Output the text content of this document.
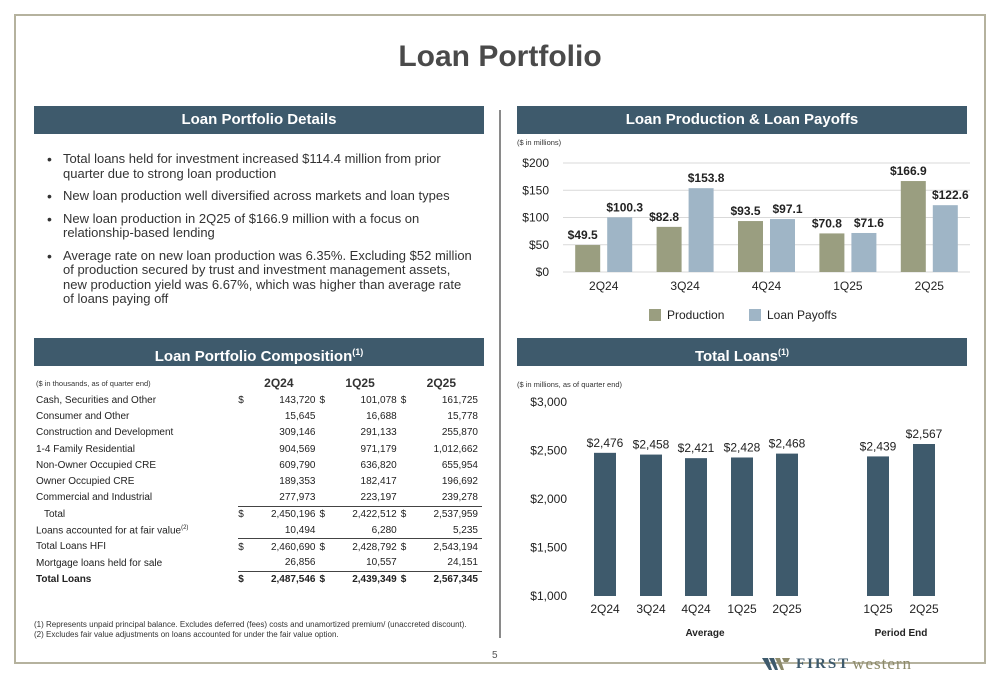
Loan Portfolio
Loan Portfolio Details	Loan Production & Loan Payoffs
Loan Portfolio Composition$^{(1)}$	Total Loans$^{(1)}$
• Total loans held for investment increased $114.4 million from prior quarter due to strong loan production
• New loan production well diversified across markets and loan types
• New loan production in 2Q25 of $166.9 million with a focus on relationship-based lending
• Average rate on new loan production was 6.35%. Excluding $52 million of production secured by trust and investment management assets, new production yield was 6.67%, which was higher than average rate of loans paying off
($ in millions)
$0
$50
$100
$150
$200
$49.5
$100.3
2Q24
$82.8
$153.8
3Q24
$93.5 $97.1
4Q24
$70.8 $71.6
1Q25
$166.9
$122.6
2Q25
Production	Loan Payoffs
($ in thousands, as of quarter end)	2Q24		1Q25		2Q25	
Cash, Securities and Other	$	143,720	$	101,078	$	161,725
Consumer and Other		15,645		16,688		15,778
Construction and Development		309,146		291,133		255,870
1-4 Family Residential		904,569		971,179		1,012,662
Non-Owner Occupied CRE		609,790		636,820		655,954
Owner Occupied CRE		189,353		182,417		196,692
Commercial and Industrial		277,973		223,197		239,278
Total	$	2,450,196	$	2,422,512	$	2,537,959
Loans accounted for at fair value$^{(2)}$		10,494		6,280		5,235
Total Loans HFI	$	2,460,690	$	2,428,792	$	2,543,194
Mortgage loans held for sale		26,856		10,557		24,151
Total Loans	$	2,487,546	$	2,439,349	$	2,567,345

(1) Represents unpaid principal balance. Excludes deferred (fees) costs and unamortized premium/ (unaccreted discount).

(2) Excludes fair value adjustments on loans accounted for under the fair value option.

($ in millions, as of quarter end)
$1,000
$1,500
$2,000
$2,500
$3,000
$2,476
2Q24
$2,458
3Q24
$2,421
4Q24
$2,428
1Q25
$2,468
2Q25
$2,439
1Q25
$2,567
2Q25
Average	Period End
5	FIRST western
